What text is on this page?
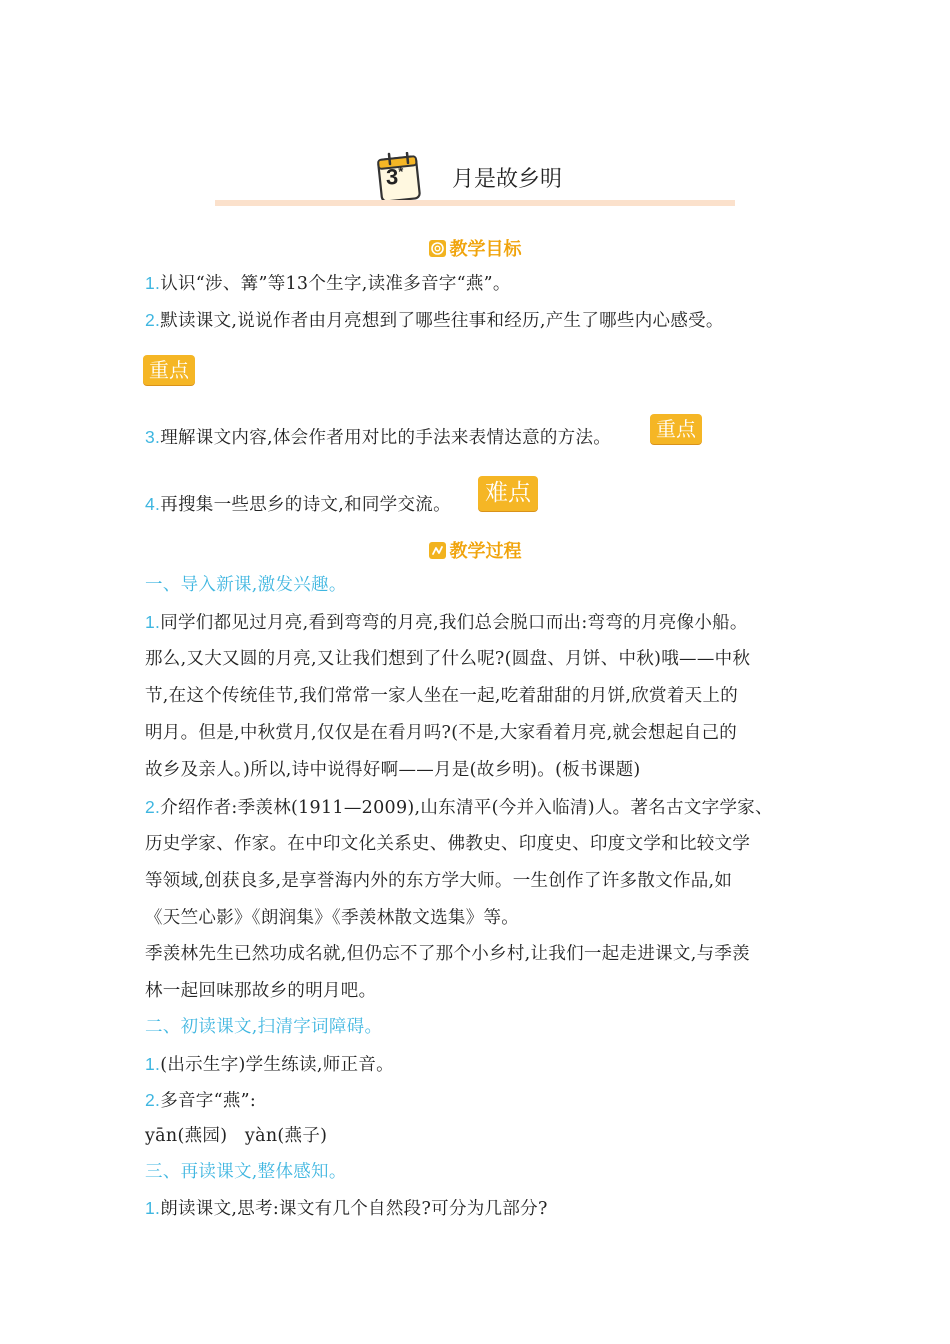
3*	月是故乡明
教学目标
1.认识“涉、篝”等13个生字,读准多音字“燕”。
2.默读课文,说说作者由月亮想到了哪些往事和经历,产生了哪些内心感受。
重点
3.理解课文内容,体会作者用对比的手法来表情达意的方法。	重点
4.再搜集一些思乡的诗文,和同学交流。	难点
教学过程
一、导入新课,激发兴趣。
1.同学们都见过月亮,看到弯弯的月亮,我们总会脱口而出:弯弯的月亮像小船。
那么,又大又圆的月亮,又让我们想到了什么呢?(圆盘、月饼、中秋)哦——中秋
节,在这个传统佳节,我们常常一家人坐在一起,吃着甜甜的月饼,欣赏着天上的
明月。但是,中秋赏月,仅仅是在看月吗?(不是,大家看着月亮,就会想起自己的
故乡及亲人。)所以,诗中说得好啊——月是(故乡明)。(板书课题)
2.介绍作者:季羡林(1911—2009),山东清平(今并入临清)人。著名古文字学家、
历史学家、作家。在中印文化关系史、佛教史、印度史、印度文学和比较文学
等领域,创获良多,是享誉海内外的东方学大师。一生创作了许多散文作品,如
《天竺心影》《朗润集》《季羡林散文选集》等。
季羡林先生已然功成名就,但仍忘不了那个小乡村,让我们一起走进课文,与季羡
林一起回味那故乡的明月吧。
二、初读课文,扫清字词障碍。
1.(出示生字)学生练读,师正音。
2.多音字“燕”:
yān(燕园)   yàn(燕子)
三、再读课文,整体感知。
1.朗读课文,思考:课文有几个自然段?可分为几部分?
